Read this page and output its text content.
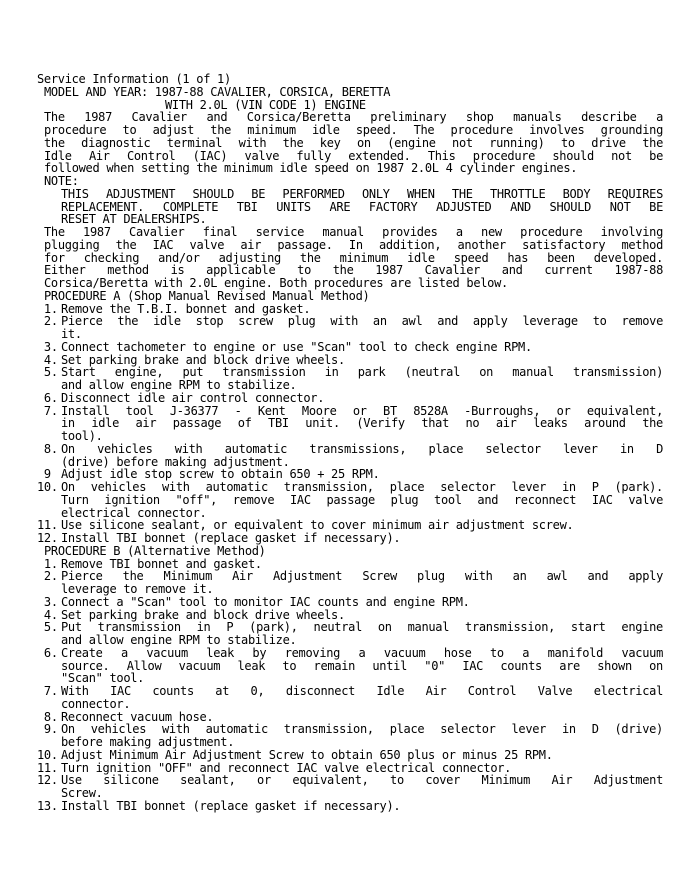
Service Information (1 of 1)
MODEL AND YEAR: 1987-88 CAVALIER, CORSICA, BERETTA
WITH 2.0L (VIN CODE 1) ENGINE
The 1987 Cavalier and Corsica/Beretta preliminary shop manuals describe a
procedure to adjust the minimum idle speed. The procedure involves grounding
the diagnostic terminal with the key on (engine not running) to drive the
Idle Air Control (IAC) valve fully extended. This procedure should not be
followed when setting the minimum idle speed on 1987 2.0L 4 cylinder engines.
NOTE:
THIS ADJUSTMENT SHOULD BE PERFORMED ONLY WHEN THE THROTTLE BODY REQUIRES
REPLACEMENT. COMPLETE TBI UNITS ARE FACTORY ADJUSTED AND SHOULD NOT BE
RESET AT DEALERSHIPS.
The 1987 Cavalier final service manual provides a new procedure involving
plugging the IAC valve air passage. In addition, another satisfactory method
for checking and/or adjusting the minimum idle speed has been developed.
Either method is applicable to the 1987 Cavalier and current 1987-88
Corsica/Beretta with 2.0L engine. Both procedures are listed below.
PROCEDURE A (Shop Manual Revised Manual Method)
1. Remove the T.B.I. bonnet and gasket.
2. Pierce the idle stop screw plug with an awl and apply leverage to remove
it.
3. Connect tachometer to engine or use "Scan" tool to check engine RPM.
4. Set parking brake and block drive wheels.
5. Start engine, put transmission in park (neutral on manual transmission)
and allow engine RPM to stabilize.
6. Disconnect idle air control connector.
7. Install tool J-36377 - Kent Moore or BT 8528A -Burroughs, or equivalent,
in idle air passage of TBI unit. (Verify that no air leaks around the
tool).
8. On vehicles with automatic transmissions, place selector lever in D
(drive) before making adjustment.
9 Adjust idle stop screw to obtain 650 + 25 RPM.
10. On vehicles with automatic transmission, place selector lever in P (park).
Turn ignition "off", remove IAC passage plug tool and reconnect IAC valve
electrical connector.
11. Use silicone sealant, or equivalent to cover minimum air adjustment screw.
12. Install TBI bonnet (replace gasket if necessary).
PROCEDURE B (Alternative Method)
1. Remove TBI bonnet and gasket.
2. Pierce the Minimum Air Adjustment Screw plug with an awl and apply
leverage to remove it.
3. Connect a "Scan" tool to monitor IAC counts and engine RPM.
4. Set parking brake and block drive wheels.
5. Put transmission in P (park), neutral on manual transmission, start engine
and allow engine RPM to stabilize.
6. Create a vacuum leak by removing a vacuum hose to a manifold vacuum
source. Allow vacuum leak to remain until "0" IAC counts are shown on
"Scan" tool.
7. With IAC counts at 0, disconnect Idle Air Control Valve electrical
connector.
8. Reconnect vacuum hose.
9. On vehicles with automatic transmission, place selector lever in D (drive)
before making adjustment.
10. Adjust Minimum Air Adjustment Screw to obtain 650 plus or minus 25 RPM.
11. Turn ignition "OFF" and reconnect IAC valve electrical connector.
12. Use silicone sealant, or equivalent, to cover Minimum Air Adjustment
Screw.
13. Install TBI bonnet (replace gasket if necessary).
